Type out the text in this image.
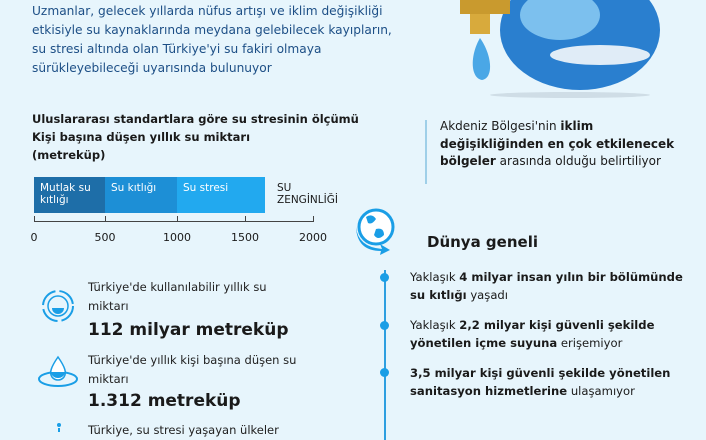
Uzmanlar, gelecek yıllarda nüfus artışı ve iklim değişikliği etkisiyle su kaynaklarında meydana gelebilecek kayıpların, su stresi altında olan Türkiye'yi su fakiri olmaya sürükleyebileceği uyarısında bulunuyor
Uluslararası standartlara göre su stresinin ölçümü
Kişi başına düşen yıllık su miktarı
(metreküp)
Mutlak su kıtlığı
Su kıtlığı	Su stresi	SU ZENGİNLİĞİ
0	500	1000	1500	2000
Türkiye'de kullanılabilir yıllık su miktarı
112 milyar metreküp
Türkiye'de yıllık kişi başına düşen su miktarı
1.312 metreküp
Türkiye, su stresi yaşayan ülkeler
Akdeniz Bölgesi'nin iklim değişikliğinden en çok etkilenecek bölgeler arasında olduğu belirtiliyor
Dünya geneli
Yaklaşık 4 milyar insan yılın bir bölümünde su kıtlığı yaşadı
Yaklaşık 2,2 milyar kişi güvenli şekilde yönetilen içme suyuna erişemiyor
3,5 milyar kişi güvenli şekilde yönetilen sanitasyon hizmetlerine ulaşamıyor
